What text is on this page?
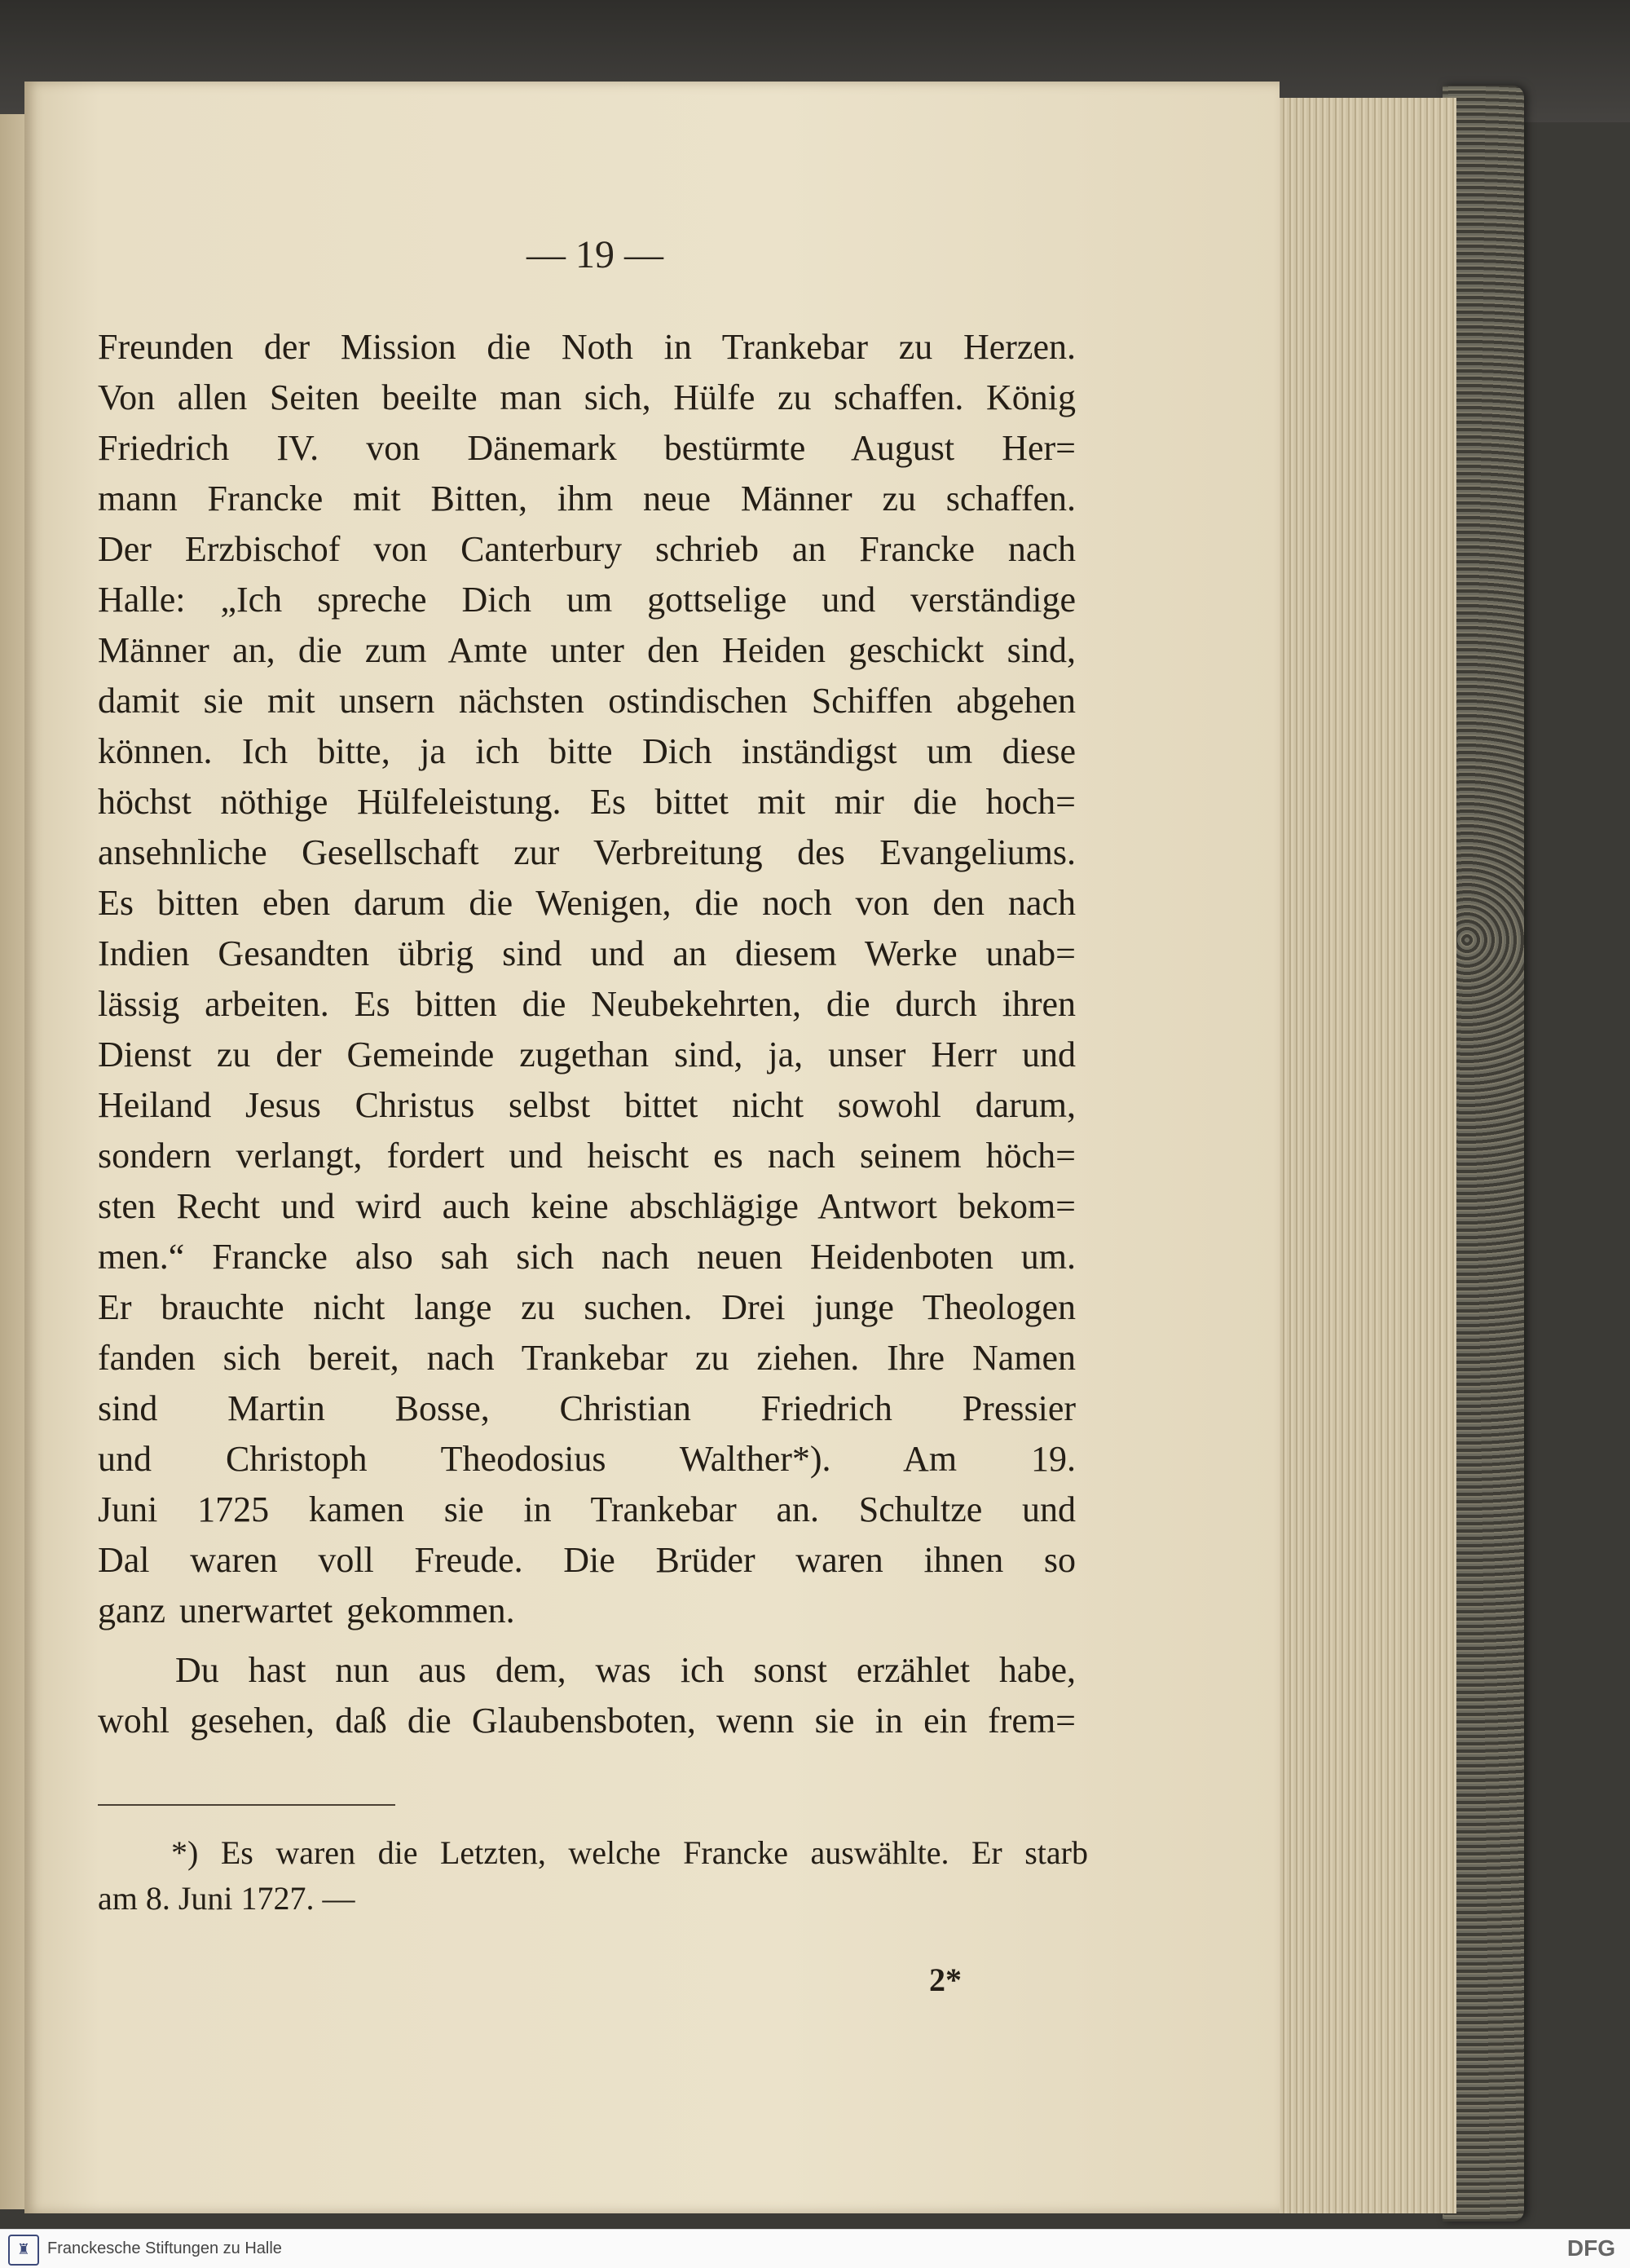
— 19 —
Freunden der Mission die Noth in Trankebar zu Herzen.
Von allen Seiten beeilte man sich, Hülfe zu schaffen. König
Friedrich IV. von Dänemark bestürmte August Her=
mann Francke mit Bitten, ihm neue Männer zu schaffen.
Der Erzbischof von Canterbury schrieb an Francke nach
Halle: „Ich spreche Dich um gottselige und verständige
Männer an, die zum Amte unter den Heiden geschickt sind,
damit sie mit unsern nächsten ostindischen Schiffen abgehen
können. Ich bitte, ja ich bitte Dich inständigst um diese
höchst nöthige Hülfeleistung. Es bittet mit mir die hoch=
ansehnliche Gesellschaft zur Verbreitung des Evangeliums.
Es bitten eben darum die Wenigen, die noch von den nach
Indien Gesandten übrig sind und an diesem Werke unab=
lässig arbeiten. Es bitten die Neubekehrten, die durch ihren
Dienst zu der Gemeinde zugethan sind, ja, unser Herr und
Heiland Jesus Christus selbst bittet nicht sowohl darum,
sondern verlangt, fordert und heischt es nach seinem höch=
sten Recht und wird auch keine abschlägige Antwort bekom=
men.“ Francke also sah sich nach neuen Heidenboten um.
Er brauchte nicht lange zu suchen. Drei junge Theologen
fanden sich bereit, nach Trankebar zu ziehen. Ihre Namen
sind Martin Bosse, Christian Friedrich Pressier
und Christoph Theodosius Walther*). Am 19.
Juni 1725 kamen sie in Trankebar an. Schultze und
Dal waren voll Freude. Die Brüder waren ihnen so
ganz unerwartet gekommen.
Du hast nun aus dem, was ich sonst erzählet habe,
wohl gesehen, daß die Glaubensboten, wenn sie in ein frem=
*) Es waren die Letzten, welche Francke auswählte. Er starb
am 8. Juni 1727. —
2*
♜	Franckesche Stiftungen zu Halle	DFG
